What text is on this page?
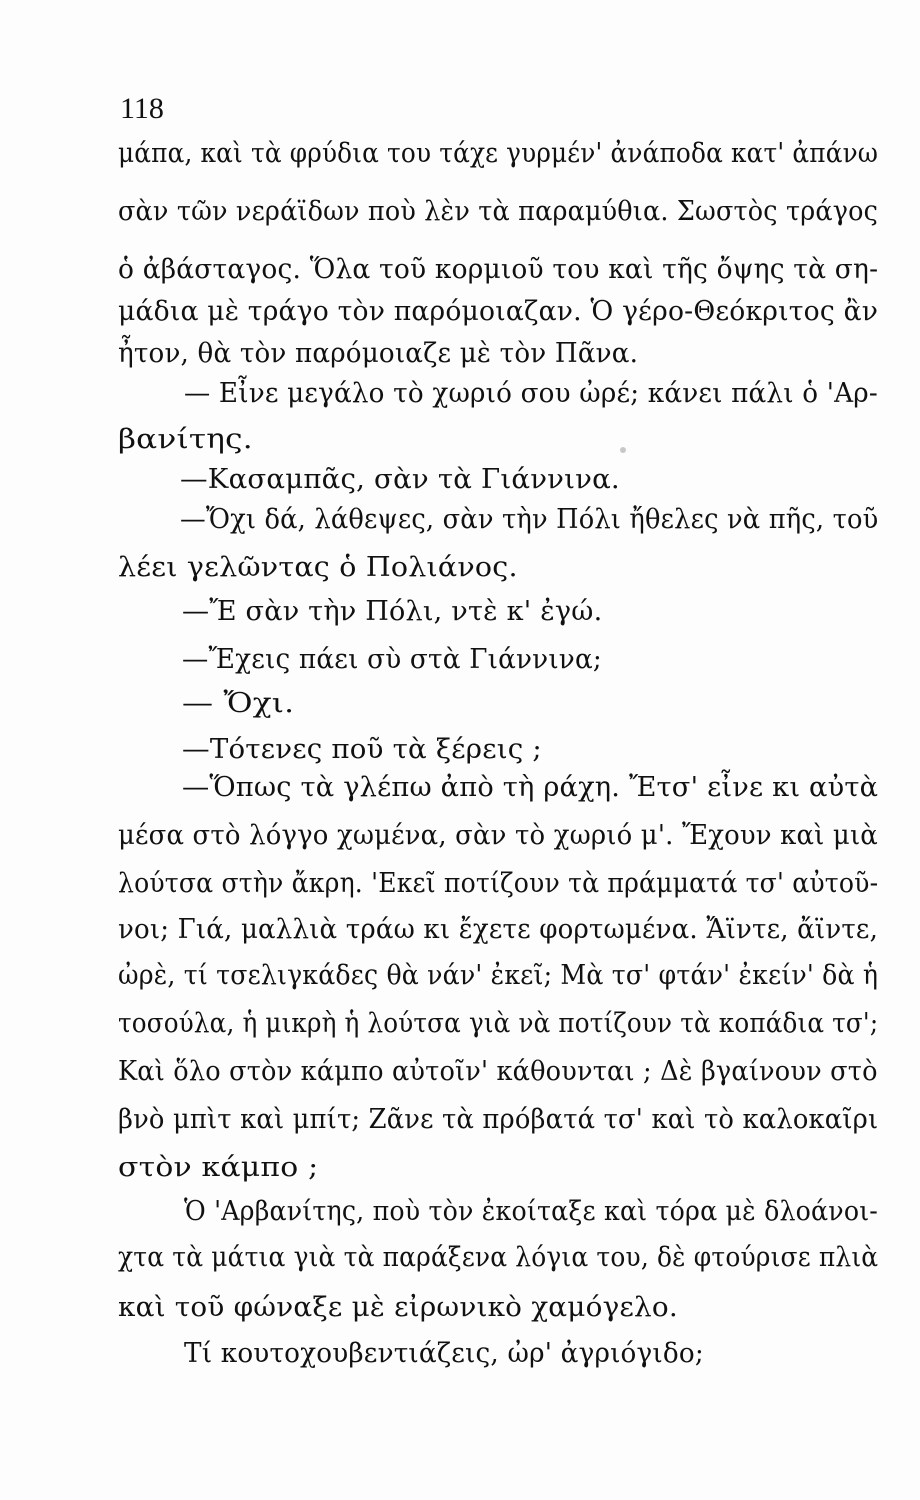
118
μάπα, καὶ τὰ φρύδια του τάχε γυρμέν' ἀνάποδα κατ' ἀπάνω
σὰν τῶν νεράϊδων ποὺ λὲν τὰ παραμύθια. Σωστὸς τράγος
ὁ ἀβάσταγος. Ὅλα τοῦ κορμιοῦ του καὶ τῆς ὄψης τὰ ση-
μάδια μὲ τράγο τὸν παρόμοιαζαν. Ὁ γέρο-Θεόκριτος ἂν
ἦτον, θὰ τὸν παρόμοιαζε μὲ τὸν Πᾶνα.
— Εἶνε μεγάλο τὸ χωριό σου ὠρέ; κάνει πάλι ὁ 'Αρ-
βανίτης.
—Κασαμπᾶς, σὰν τὰ Γιάννινα.
—Ὄχι δά, λάθεψες, σὰν τὴν Πόλι ἤθελες νὰ πῆς, τοῦ
λέει γελῶντας ὁ Πολιάνος.
—Ἔ σὰν τὴν Πόλι, ντὲ κ' ἐγώ.
—Ἔχεις πάει σὺ στὰ Γιάννινα;
— Ὄχι.
—Τότενες ποῦ τὰ ξέρεις ;
—Ὅπως τὰ γλέπω ἀπὸ τὴ ράχη. Ἔτσ' εἶνε κι αὐτὰ
μέσα στὸ λόγγο χωμένα, σὰν τὸ χωριό μ'. Ἔχουν καὶ μιὰ
λούτσα στὴν ἄκρη. 'Εκεῖ ποτίζουν τὰ πράμματά τσ' αὐτοῦ-
νοι; Γιά, μαλλιὰ τράω κι ἔχετε φορτωμένα. Ἄϊντε, ἄϊντε,
ὠρὲ, τί τσελιγκάδες θὰ νάν' ἐκεῖ; Μὰ τσ' φτάν' ἐκείν' δὰ ἡ
τοσούλα, ἡ μικρὴ ἡ λούτσα γιὰ νὰ ποτίζουν τὰ κοπάδια τσ';
Καὶ ὅλο στὸν κάμπο αὐτοῖν' κάθουνται ; Δὲ βγαίνουν στὸ
βνὸ μπὶτ καὶ μπίτ; Ζᾶνε τὰ πρόβατά τσ' καὶ τὸ καλοκαῖρι
στὸν κάμπο ;
Ὁ 'Αρβανίτης, ποὺ τὸν ἐκοίταξε καὶ τόρα μὲ δλοάνοι-
χτα τὰ μάτια γιὰ τὰ παράξενα λόγια του, δὲ φτούρισε πλιὰ
καὶ τοῦ φώναξε μὲ εἰρωνικὸ χαμόγελο.
Τί κουτοχουβεντιάζεις, ὠρ' ἀγριόγιδο;
